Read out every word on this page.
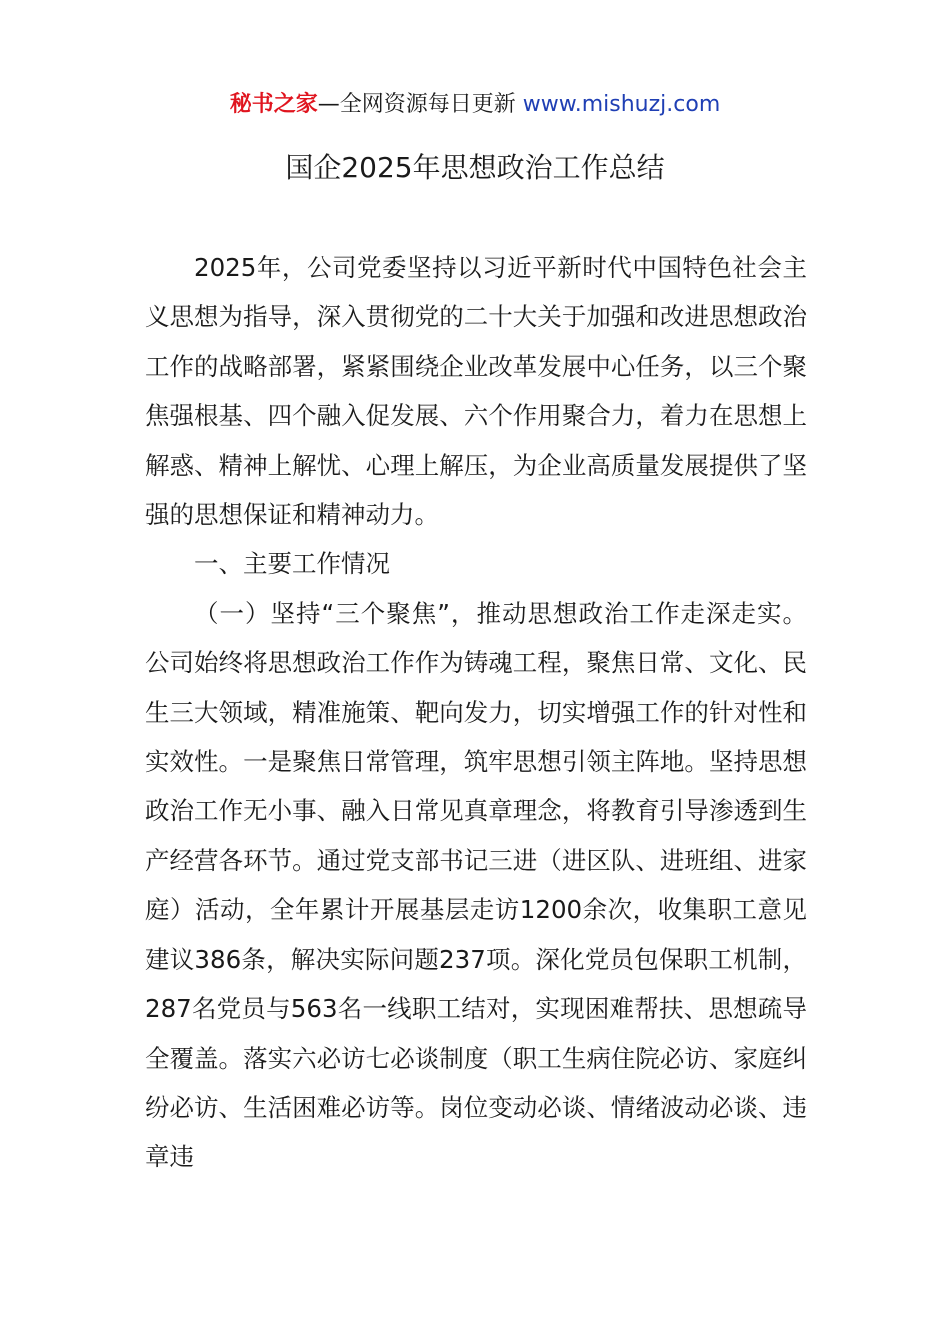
秘书之家—全网资源每日更新 www.mishuzj.com
国企2025年思想政治工作总结

2025年，公司党委坚持以习近平新时代中国特色社会主义思想为指导，深入贯彻党的二十大关于加强和改进思想政治工作的战略部署，紧紧围绕企业改革发展中心任务，以三个聚焦强根基、四个融入促发展、六个作用聚合力，着力在思想上解惑、精神上解忧、心理上解压，为企业高质量发展提供了坚强的思想保证和精神动力。

一、主要工作情况

（一）坚持“三个聚焦”，推动思想政治工作走深走实。公司始终将思想政治工作作为铸魂工程，聚焦日常、文化、民生三大领域，精准施策、靶向发力，切实增强工作的针对性和实效性。一是聚焦日常管理，筑牢思想引领主阵地。坚持思想政治工作无小事、融入日常见真章理念，将教育引导渗透到生产经营各环节。通过党支部书记三进（进区队、进班组、进家庭）活动，全年累计开展基层走访1200余次，收集职工意见建议386条，解决实际问题237项。深化党员包保职工机制，287名党员与563名一线职工结对，实现困难帮扶、思想疏导全覆盖。落实六必访七必谈制度（职工生病住院必访、家庭纠纷必访、生活困难必访等。岗位变动必谈、情绪波动必谈、违章违
